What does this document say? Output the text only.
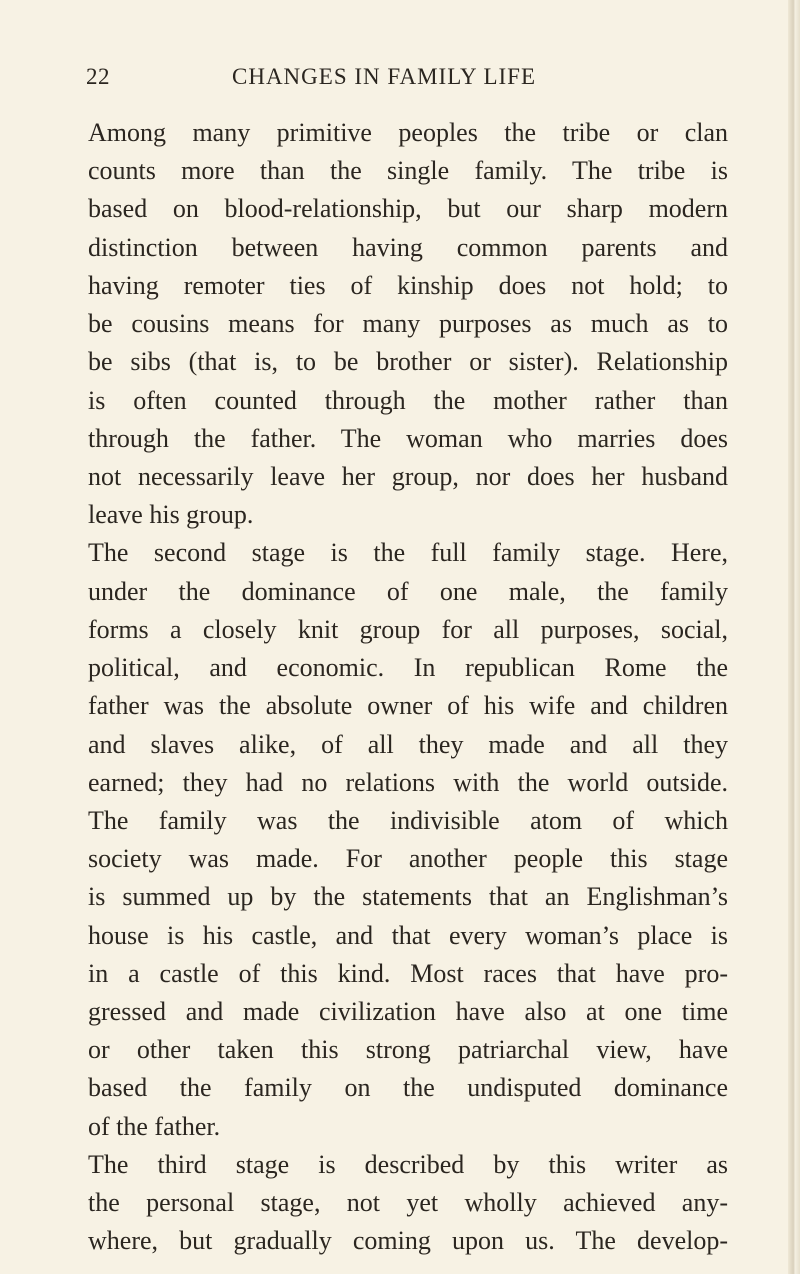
22	CHANGES IN FAMILY LIFE
Among many primitive peoples the tribe or clan
counts more than the single family. The tribe is
based on blood-relationship, but our sharp modern
distinction between having common parents and
having remoter ties of kinship does not hold; to
be cousins means for many purposes as much as to
be sibs (that is, to be brother or sister). Relationship
is often counted through the mother rather than
through the father. The woman who marries does
not necessarily leave her group, nor does her husband
leave his group.
The second stage is the full family stage. Here,
under the dominance of one male, the family
forms a closely knit group for all purposes, social,
political, and economic. In republican Rome the
father was the absolute owner of his wife and children
and slaves alike, of all they made and all they
earned; they had no relations with the world outside.
The family was the indivisible atom of which
society was made. For another people this stage
is summed up by the statements that an Englishman’s
house is his castle, and that every woman’s place is
in a castle of this kind. Most races that have pro-
gressed and made civilization have also at one time
or other taken this strong patriarchal view, have
based the family on the undisputed dominance
of the father.
The third stage is described by this writer as
the personal stage, not yet wholly achieved any-
where, but gradually coming upon us. The develop-
